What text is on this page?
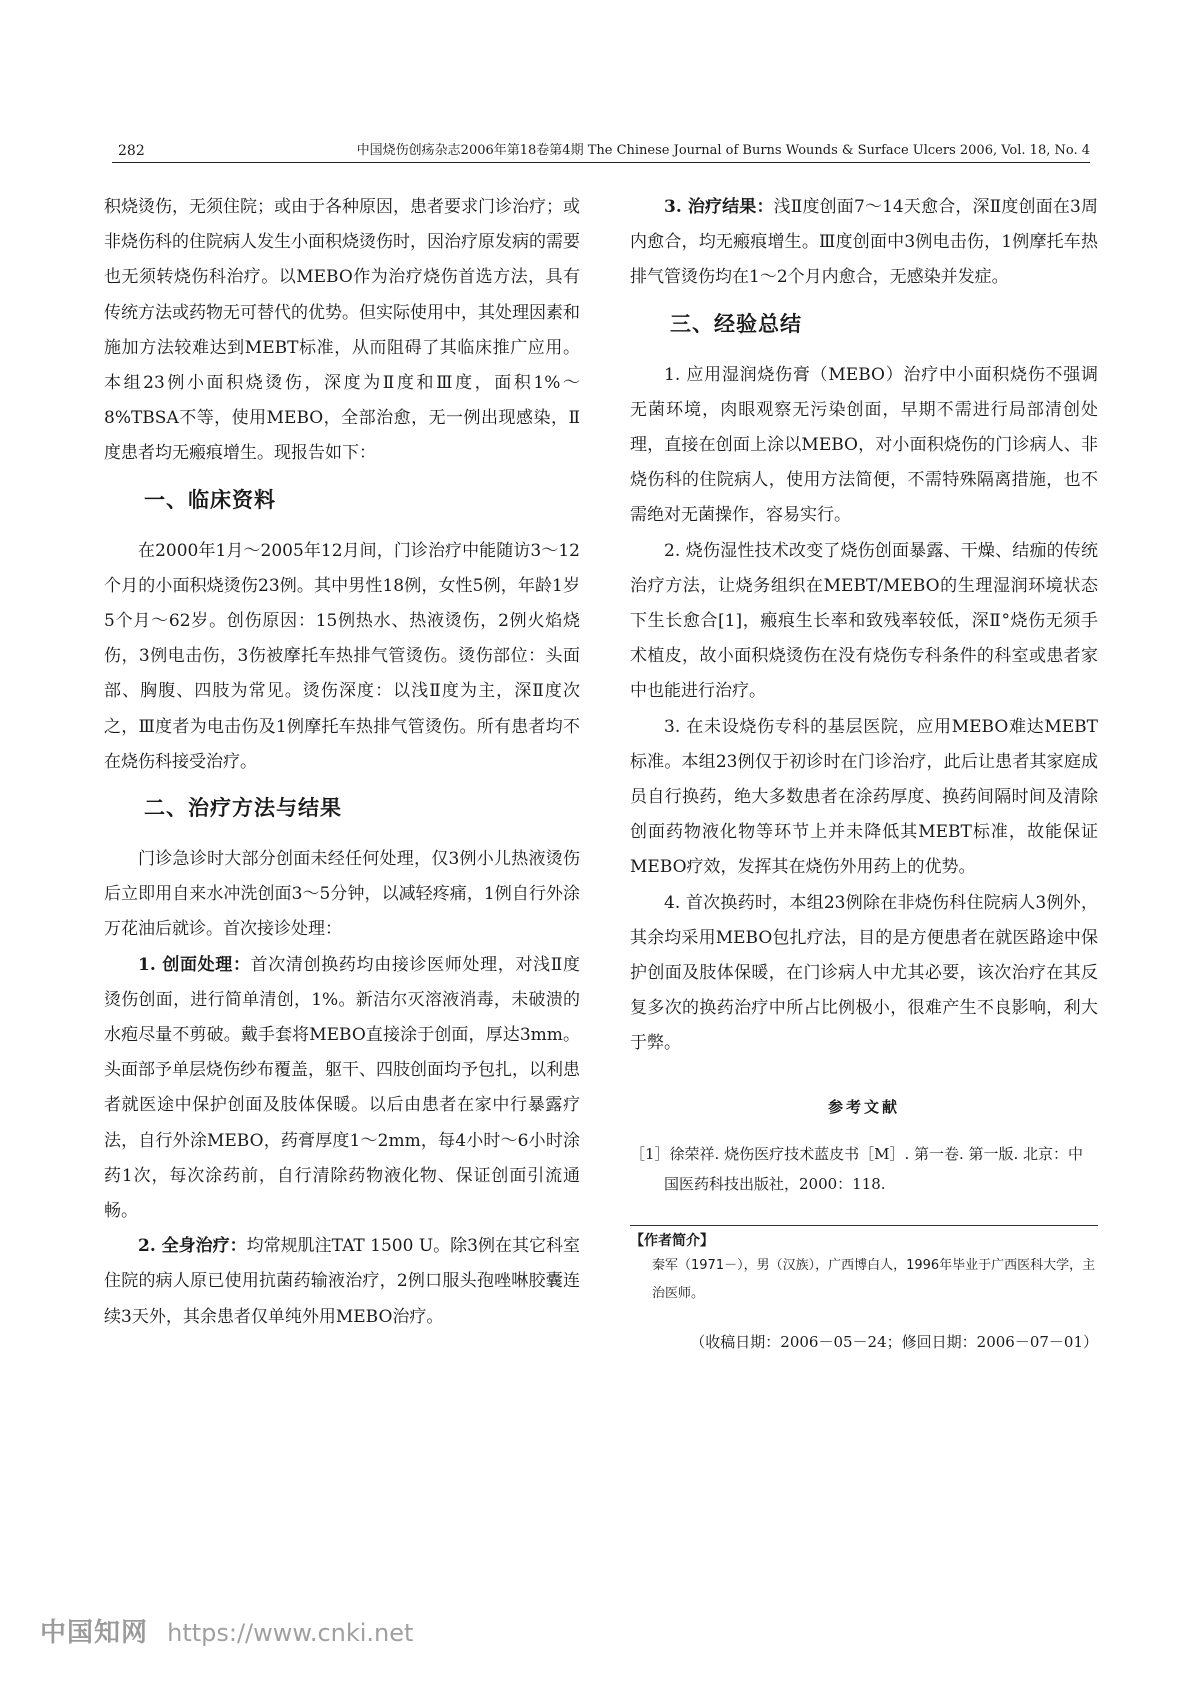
282	中国烧伤创疡杂志2006年第18卷第4期 The Chinese Journal of Burns Wounds & Surface Ulcers 2006, Vol. 18, No. 4

积烧烫伤，无须住院；或由于各种原因，患者要求门诊治疗；或非烧伤科的住院病人发生小面积烧烫伤时，因治疗原发病的需要也无须转烧伤科治疗。以MEBO作为治疗烧伤首选方法，具有传统方法或药物无可替代的优势。但实际使用中，其处理因素和施加方法较难达到MEBT标准，从而阻碍了其临床推广应用。本组23例小面积烧烫伤，深度为Ⅱ度和Ⅲ度，面积1%～8%TBSA不等，使用MEBO，全部治愈，无一例出现感染，Ⅱ度患者均无瘢痕增生。现报告如下：

一、临床资料

在2000年1月～2005年12月间，门诊治疗中能随访3～12个月的小面积烧烫伤23例。其中男性18例，女性5例，年龄1岁5个月～62岁。创伤原因：15例热水、热液烫伤，2例火焰烧伤，3例电击伤，3伤被摩托车热排气管烫伤。烫伤部位：头面部、胸腹、四肢为常见。烫伤深度：以浅Ⅱ度为主，深Ⅱ度次之，Ⅲ度者为电击伤及1例摩托车热排气管烫伤。所有患者均不在烧伤科接受治疗。

二、治疗方法与结果

门诊急诊时大部分创面未经任何处理，仅3例小儿热液烫伤后立即用自来水冲洗创面3～5分钟，以减轻疼痛，1例自行外涂万花油后就诊。首次接诊处理：

1. 创面处理：首次清创换药均由接诊医师处理，对浅Ⅱ度烫伤创面，进行简单清创，1%。新洁尔灭溶液消毒，未破溃的水疱尽量不剪破。戴手套将MEBO直接涂于创面，厚达3mm。头面部予单层烧伤纱布覆盖，躯干、四肢创面均予包扎，以利患者就医途中保护创面及肢体保暖。以后由患者在家中行暴露疗法，自行外涂MEBO，药膏厚度1～2mm，每4小时～6小时涂药1次，每次涂药前，自行清除药物液化物、保证创面引流通畅。

2. 全身治疗：均常规肌注TAT 1500 U。除3例在其它科室住院的病人原已使用抗菌药输液治疗，2例口服头孢唑啉胶囊连续3天外，其余患者仅单纯外用MEBO治疗。

3. 治疗结果：浅Ⅱ度创面7～14天愈合，深Ⅱ度创面在3周内愈合，均无瘢痕增生。Ⅲ度创面中3例电击伤，1例摩托车热排气管烫伤均在1～2个月内愈合，无感染并发症。

三、经验总结

1. 应用湿润烧伤膏（MEBO）治疗中小面积烧伤不强调无菌环境，肉眼观察无污染创面，早期不需进行局部清创处理，直接在创面上涂以MEBO，对小面积烧伤的门诊病人、非烧伤科的住院病人，使用方法简便，不需特殊隔离措施，也不需绝对无菌操作，容易实行。

2. 烧伤湿性技术改变了烧伤创面暴露、干燥、结痂的传统治疗方法，让烧务组织在MEBT/MEBO的生理湿润环境状态下生长愈合[1]，瘢痕生长率和致残率较低，深Ⅱ°烧伤无须手术植皮，故小面积烧烫伤在没有烧伤专科条件的科室或患者家中也能进行治疗。

3. 在未设烧伤专科的基层医院，应用MEBO难达MEBT标准。本组23例仅于初诊时在门诊治疗，此后让患者其家庭成员自行换药，绝大多数患者在涂药厚度、换药间隔时间及清除创面药物液化物等环节上并未降低其MEBT标准，故能保证MEBO疗效，发挥其在烧伤外用药上的优势。

4. 首次换药时，本组23例除在非烧伤科住院病人3例外，其余均采用MEBO包扎疗法，目的是方便患者在就医路途中保护创面及肢体保暖，在门诊病人中尤其必要，该次治疗在其反复多次的换药治疗中所占比例极小，很难产生不良影响，利大于弊。

参考文献

［1］徐荣祥. 烧伤医疗技术蓝皮书［M］. 第一卷. 第一版. 北京：中国医药科技出版社，2000：118.

【作者简介】

秦军（1971－），男（汉族），广西博白人，1996年毕业于广西医科大学，主治医师。

（收稿日期：2006－05－24；修回日期：2006－07－01）
中国知网 https://www.cnki.net
